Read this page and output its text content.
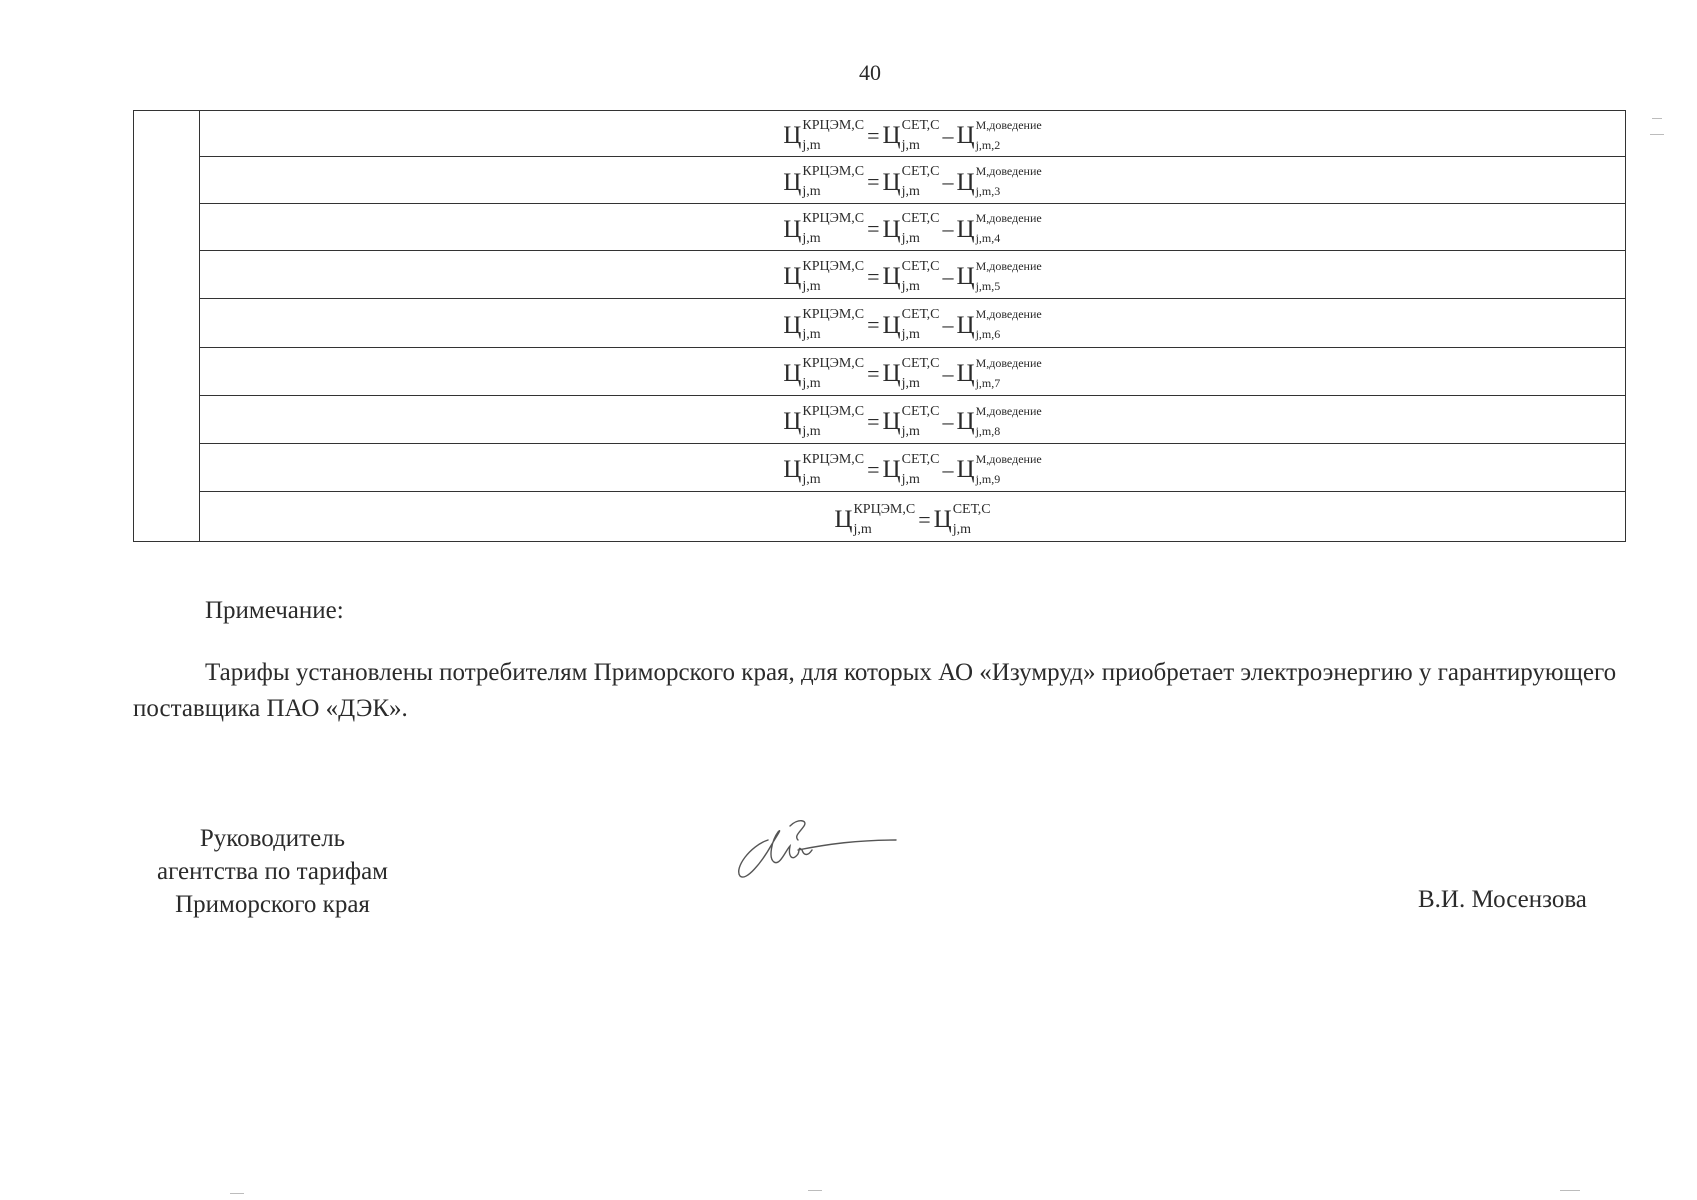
40
Ц КРЦЭМ,С
j,m	= Ц СЕТ,С
j,m	– Ц М,доведение
j,m,2
Ц КРЦЭМ,С
j,m	= Ц СЕТ,С
j,m	– Ц М,доведение
j,m,3
Ц КРЦЭМ,С
j,m	= Ц СЕТ,С
j,m	– Ц М,доведение
j,m,4
Ц КРЦЭМ,С
j,m	= Ц СЕТ,С
j,m	– Ц М,доведение
j,m,5
Ц КРЦЭМ,С
j,m	= Ц СЕТ,С
j,m	– Ц М,доведение
j,m,6
Ц КРЦЭМ,С
j,m	= Ц СЕТ,С
j,m	– Ц М,доведение
j,m,7
Ц КРЦЭМ,С
j,m	= Ц СЕТ,С
j,m	– Ц М,доведение
j,m,8
Ц КРЦЭМ,С
j,m	= Ц СЕТ,С
j,m	– Ц М,доведение
j,m,9
Ц КРЦЭМ,С
j,m	= Ц СЕТ,С
j,m
Примечание:
Тарифы установлены потребителям Приморского края, для которых АО «Изумруд» приобретает электроэнергию у гарантирующего поставщика ПАО «ДЭК».
Руководитель
агентства по тарифам
Приморского края	В.И. Мосензова
